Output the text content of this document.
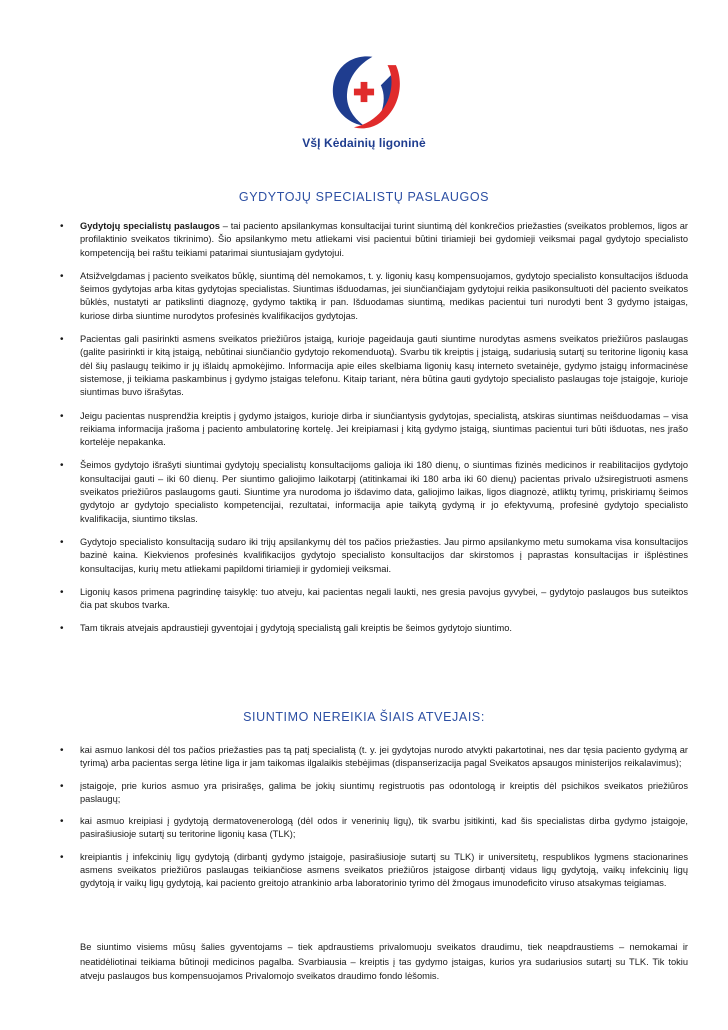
VšĮ Kėdainių ligoninė
GYDYTOJŲ SPECIALISTŲ PASLAUGOS
• Gydytojų specialistų paslaugos – tai paciento apsilankymas konsultacijai turint siuntimą dėl konkrečios priežasties (sveikatos problemos, ligos ar profilaktinio sveikatos tikrinimo). Šio apsilankymo metu atliekami visi pacientui būtini tiriamieji bei gydomieji veiksmai pagal gydytojo specialisto kompetenciją bei raštu teikiami patarimai siuntusiajam gydytojui.
• Atsižvelgdamas į paciento sveikatos būklę, siuntimą dėl nemokamos, t. y. ligonių kasų kompensuojamos, gydytojo specialisto konsultacijos išduoda šeimos gydytojas arba kitas gydytojas specialistas. Siuntimas išduodamas, jei siunčiančiajam gydytojui reikia pasikonsultuoti dėl paciento sveikatos būklės, nustatyti ar patikslinti diagnozę, gydymo taktiką ir pan. Išduodamas siuntimą, medikas pacientui turi nurodyti bent 3 gydymo įstaigas, kuriose dirba siuntime nurodytos profesinės kvalifikacijos gydytojas.
• Pacientas gali pasirinkti asmens sveikatos priežiūros įstaigą, kurioje pageidauja gauti siuntime nurodytas asmens sveikatos priežiūros paslaugas (galite pasirinkti ir kitą įstaigą, nebūtinai siunčiančio gydytojo rekomenduotą). Svarbu tik kreiptis į įstaigą, sudariusią sutartį su teritorine ligonių kasa dėl šių paslaugų teikimo ir jų išlaidų apmokėjimo. Informacija apie eiles skelbiama ligonių kasų interneto svetainėje, gydymo įstaigų informacinėse sistemose, ji teikiama paskambinus į gydymo įstaigas telefonu. Kitaip tariant, nėra būtina gauti gydytojo specialisto paslaugas toje įstaigoje, kurioje siuntimas buvo išrašytas.
• Jeigu pacientas nusprendžia kreiptis į gydymo įstaigos, kurioje dirba ir siunčiantysis gydytojas, specialistą, atskiras siuntimas neišduodamas – visa reikiama informacija įrašoma į paciento ambulatorinę kortelę. Jei kreipiamasi į kitą gydymo įstaigą, siuntimas pacientui turi būti išduotas, nes jrašo kortelėje nepakanka.
• Šeimos gydytojo išrašyti siuntimai gydytojų specialistų konsultacijoms galioja iki 180 dienų, o siuntimas fizinės medicinos ir reabilitacijos gydytojo konsultacijai gauti – iki 60 dienų. Per siuntimo galiojimo laikotarpį (atitinkamai iki 180 arba iki 60 dienų) pacientas privalo užsiregistruoti asmens sveikatos priežiūros paslaugoms gauti. Siuntime yra nurodoma jo išdavimo data, galiojimo laikas, ligos diagnozė, atliktų tyrimų, priskiriamų šeimos gydytojo ar gydytojo specialisto kompetencijai, rezultatai, informacija apie taikytą gydymą ir jo efektyvumą, profesinė gydytojo specialisto kvalifikacija, siuntimo tikslas.
• Gydytojo specialisto konsultaciją sudaro iki trijų apsilankymų dėl tos pačios priežasties. Jau pirmo apsilankymo metu sumokama visa konsultacijos bazinė kaina. Kiekvienos profesinės kvalifikacijos gydytojo specialisto konsultacijos dar skirstomos į paprastas konsultacijas ir išplėstines konsultacijas, kurių metu atliekami papildomi tiriamieji ir gydomieji veiksmai.
• Ligonių kasos primena pagrindinę taisyklę: tuo atveju, kai pacientas negali laukti, nes gresia pavojus gyvybei, – gydytojo paslaugos bus suteiktos čia pat skubos tvarka.
• Tam tikrais atvejais apdraustieji gyventojai į gydytoją specialistą gali kreiptis be šeimos gydytojo siuntimo.
SIUNTIMO NEREIKIA ŠIAIS ATVEJAIS:
• kai asmuo lankosi dėl tos pačios priežasties pas tą patį specialistą (t. y. jei gydytojas nurodo atvykti pakartotinai, nes dar tęsia paciento gydymą ar tyrimą) arba pacientas serga lėtine liga ir jam taikomas ilgalaikis stebėjimas (dispanserizacija pagal Sveikatos apsaugos ministerijos reikalavimus);
• įstaigoje, prie kurios asmuo yra prisirašęs, galima be jokių siuntimų registruotis pas odontologą ir kreiptis dėl psichikos sveikatos priežiūros paslaugų;
• kai asmuo kreipiasi į gydytoją dermatovenerologą (dėl odos ir venerinių ligų), tik svarbu įsitikinti, kad šis specialistas dirba gydymo įstaigoje, pasirašiusioje sutartį su teritorine ligonių kasa (TLK);
• kreipiantis į infekcinių ligų gydytoją (dirbantį gydymo įstaigoje, pasirašiusioje sutartį su TLK) ir universitetų, respublikos lygmens stacionarines asmens sveikatos priežiūros paslaugas teikiančiose asmens sveikatos priežiūros įstaigose dirbantį vidaus ligų gydytoją, vaikų infekcinių ligų gydytoją ir vaikų ligų gydytoją, kai paciento greitojo atrankinio arba laboratorinio tyrimo dėl žmogaus imunodeficito viruso atsakymas teigiamas.

Be siuntimo visiems mūsų šalies gyventojams – tiek apdraustiems privalomuoju sveikatos draudimu, tiek neapdraustiems – nemokamai ir neatidėliotinai teikiama būtinoji medicinos pagalba. Svarbiausia – kreiptis į tas gydymo įstaigas, kurios yra sudariusios sutartį su TLK. Tik tokiu atveju paslaugos bus kompensuojamos Privalomojo sveikatos draudimo fondo lėšomis.
